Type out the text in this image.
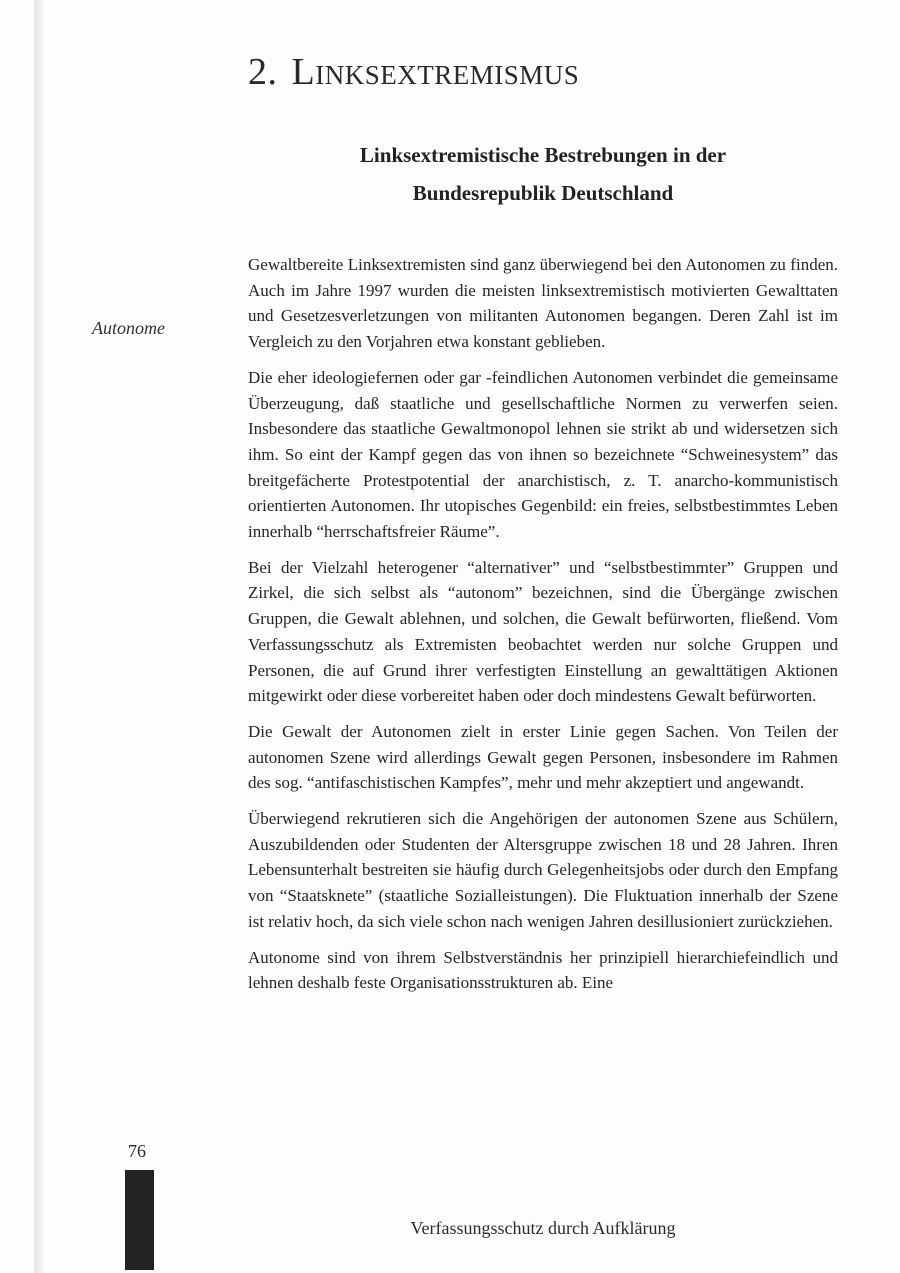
2. Linksextremismus
Linksextremistische Bestrebungen in der
Bundesrepublik Deutschland
Autonome

Gewaltbereite Linksextremisten sind ganz überwiegend bei den Autonomen zu finden. Auch im Jahre 1997 wurden die meisten linksextremistisch motivierten Gewalttaten und Gesetzesverletzungen von militanten Autonomen begangen. Deren Zahl ist im Vergleich zu den Vorjahren etwa konstant geblieben.

Die eher ideologiefernen oder gar -feindlichen Autonomen verbindet die gemeinsame Überzeugung, daß staatliche und gesellschaftliche Normen zu verwerfen seien. Insbesondere das staatliche Gewaltmonopol lehnen sie strikt ab und widersetzen sich ihm. So eint der Kampf gegen das von ihnen so bezeichnete “Schweinesystem” das breitgefächerte Protestpotential der anarchistisch, z. T. anarcho-kommunistisch orientierten Autonomen. Ihr utopisches Gegenbild: ein freies, selbstbestimmtes Leben innerhalb “herrschaftsfreier Räume”.

Bei der Vielzahl heterogener “alternativer” und “selbstbestimmter” Gruppen und Zirkel, die sich selbst als “autonom” bezeichnen, sind die Übergänge zwischen Gruppen, die Gewalt ablehnen, und solchen, die Gewalt befürworten, fließend. Vom Verfassungsschutz als Extremisten beobachtet werden nur solche Gruppen und Personen, die auf Grund ihrer verfestigten Einstellung an gewalttätigen Aktionen mitgewirkt oder diese vorbereitet haben oder doch mindestens Gewalt befürworten.

Die Gewalt der Autonomen zielt in erster Linie gegen Sachen. Von Teilen der autonomen Szene wird allerdings Gewalt gegen Personen, insbesondere im Rahmen des sog. “antifaschistischen Kampfes”, mehr und mehr akzeptiert und angewandt.

Überwiegend rekrutieren sich die Angehörigen der autonomen Szene aus Schülern, Auszubildenden oder Studenten der Altersgruppe zwischen 18 und 28 Jahren. Ihren Lebensunterhalt bestreiten sie häufig durch Gelegenheitsjobs oder durch den Empfang von “Staatsknete” (staatliche Sozialleistungen). Die Fluktuation innerhalb der Szene ist relativ hoch, da sich viele schon nach wenigen Jahren desillusioniert zurückziehen.

Autonome sind von ihrem Selbstverständnis her prinzipiell hierarchiefeindlich und lehnen deshalb feste Organisationsstrukturen ab. Eine

76
Verfassungsschutz durch Aufklärung
